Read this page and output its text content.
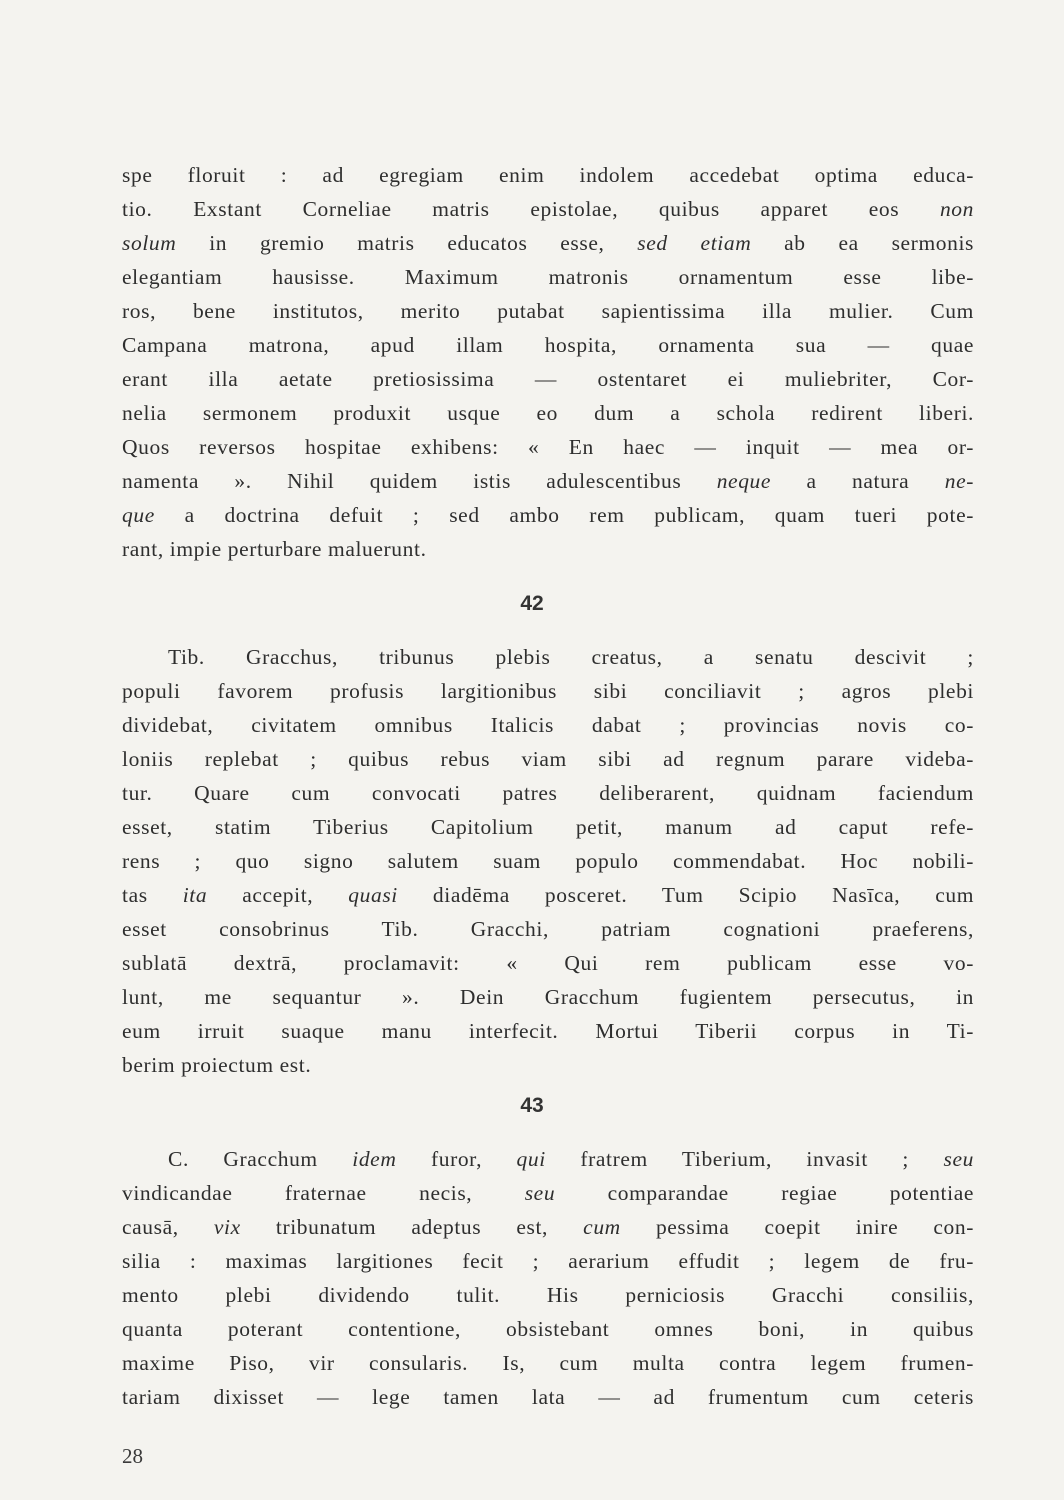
spe floruit : ad egregiam enim indolem accedebat optima educa-
tio. Exstant Corneliae matris epistolae, quibus apparet eos non
solum in gremio matris educatos esse, sed etiam ab ea sermonis
elegantiam hausisse. Maximum matronis ornamentum esse libe-
ros, bene institutos, merito putabat sapientissima illa mulier. Cum
Campana matrona, apud illam hospita, ornamenta sua — quae
erant illa aetate pretiosissima — ostentaret ei muliebriter, Cor-
nelia sermonem produxit usque eo dum a schola redirent liberi.
Quos reversos hospitae exhibens: « En haec — inquit — mea or-
namenta ». Nihil quidem istis adulescentibus neque a natura ne-
que a doctrina defuit ; sed ambo rem publicam, quam tueri pote-
rant, impie perturbare maluerunt.
42
Tib. Gracchus, tribunus plebis creatus, a senatu descivit ;
populi favorem profusis largitionibus sibi conciliavit ; agros plebi
dividebat, civitatem omnibus Italicis dabat ; provincias novis co-
loniis replebat ; quibus rebus viam sibi ad regnum parare videba-
tur. Quare cum convocati patres deliberarent, quidnam faciendum
esset, statim Tiberius Capitolium petit, manum ad caput refe-
rens ; quo signo salutem suam populo commendabat. Hoc nobili-
tas ita accepit, quasi diadēma posceret. Tum Scipio Nasīca, cum
esset consobrinus Tib. Gracchi, patriam cognationi praeferens,
sublatā dextrā, proclamavit: « Qui rem publicam esse vo-
lunt, me sequantur ». Dein Gracchum fugientem persecutus, in
eum irruit suaque manu interfecit. Mortui Tiberii corpus in Ti-
berim proiectum est.
43
C. Gracchum idem furor, qui fratrem Tiberium, invasit ; seu
vindicandae fraternae necis, seu comparandae regiae potentiae
causā, vix tribunatum adeptus est, cum pessima coepit inire con-
silia : maximas largitiones fecit ; aerarium effudit ; legem de fru-
mento plebi dividendo tulit. His perniciosis Gracchi consiliis,
quanta poterant contentione, obsistebant omnes boni, in quibus
maxime Piso, vir consularis. Is, cum multa contra legem frumen-
tariam dixisset — lege tamen lata — ad frumentum cum ceteris
28
